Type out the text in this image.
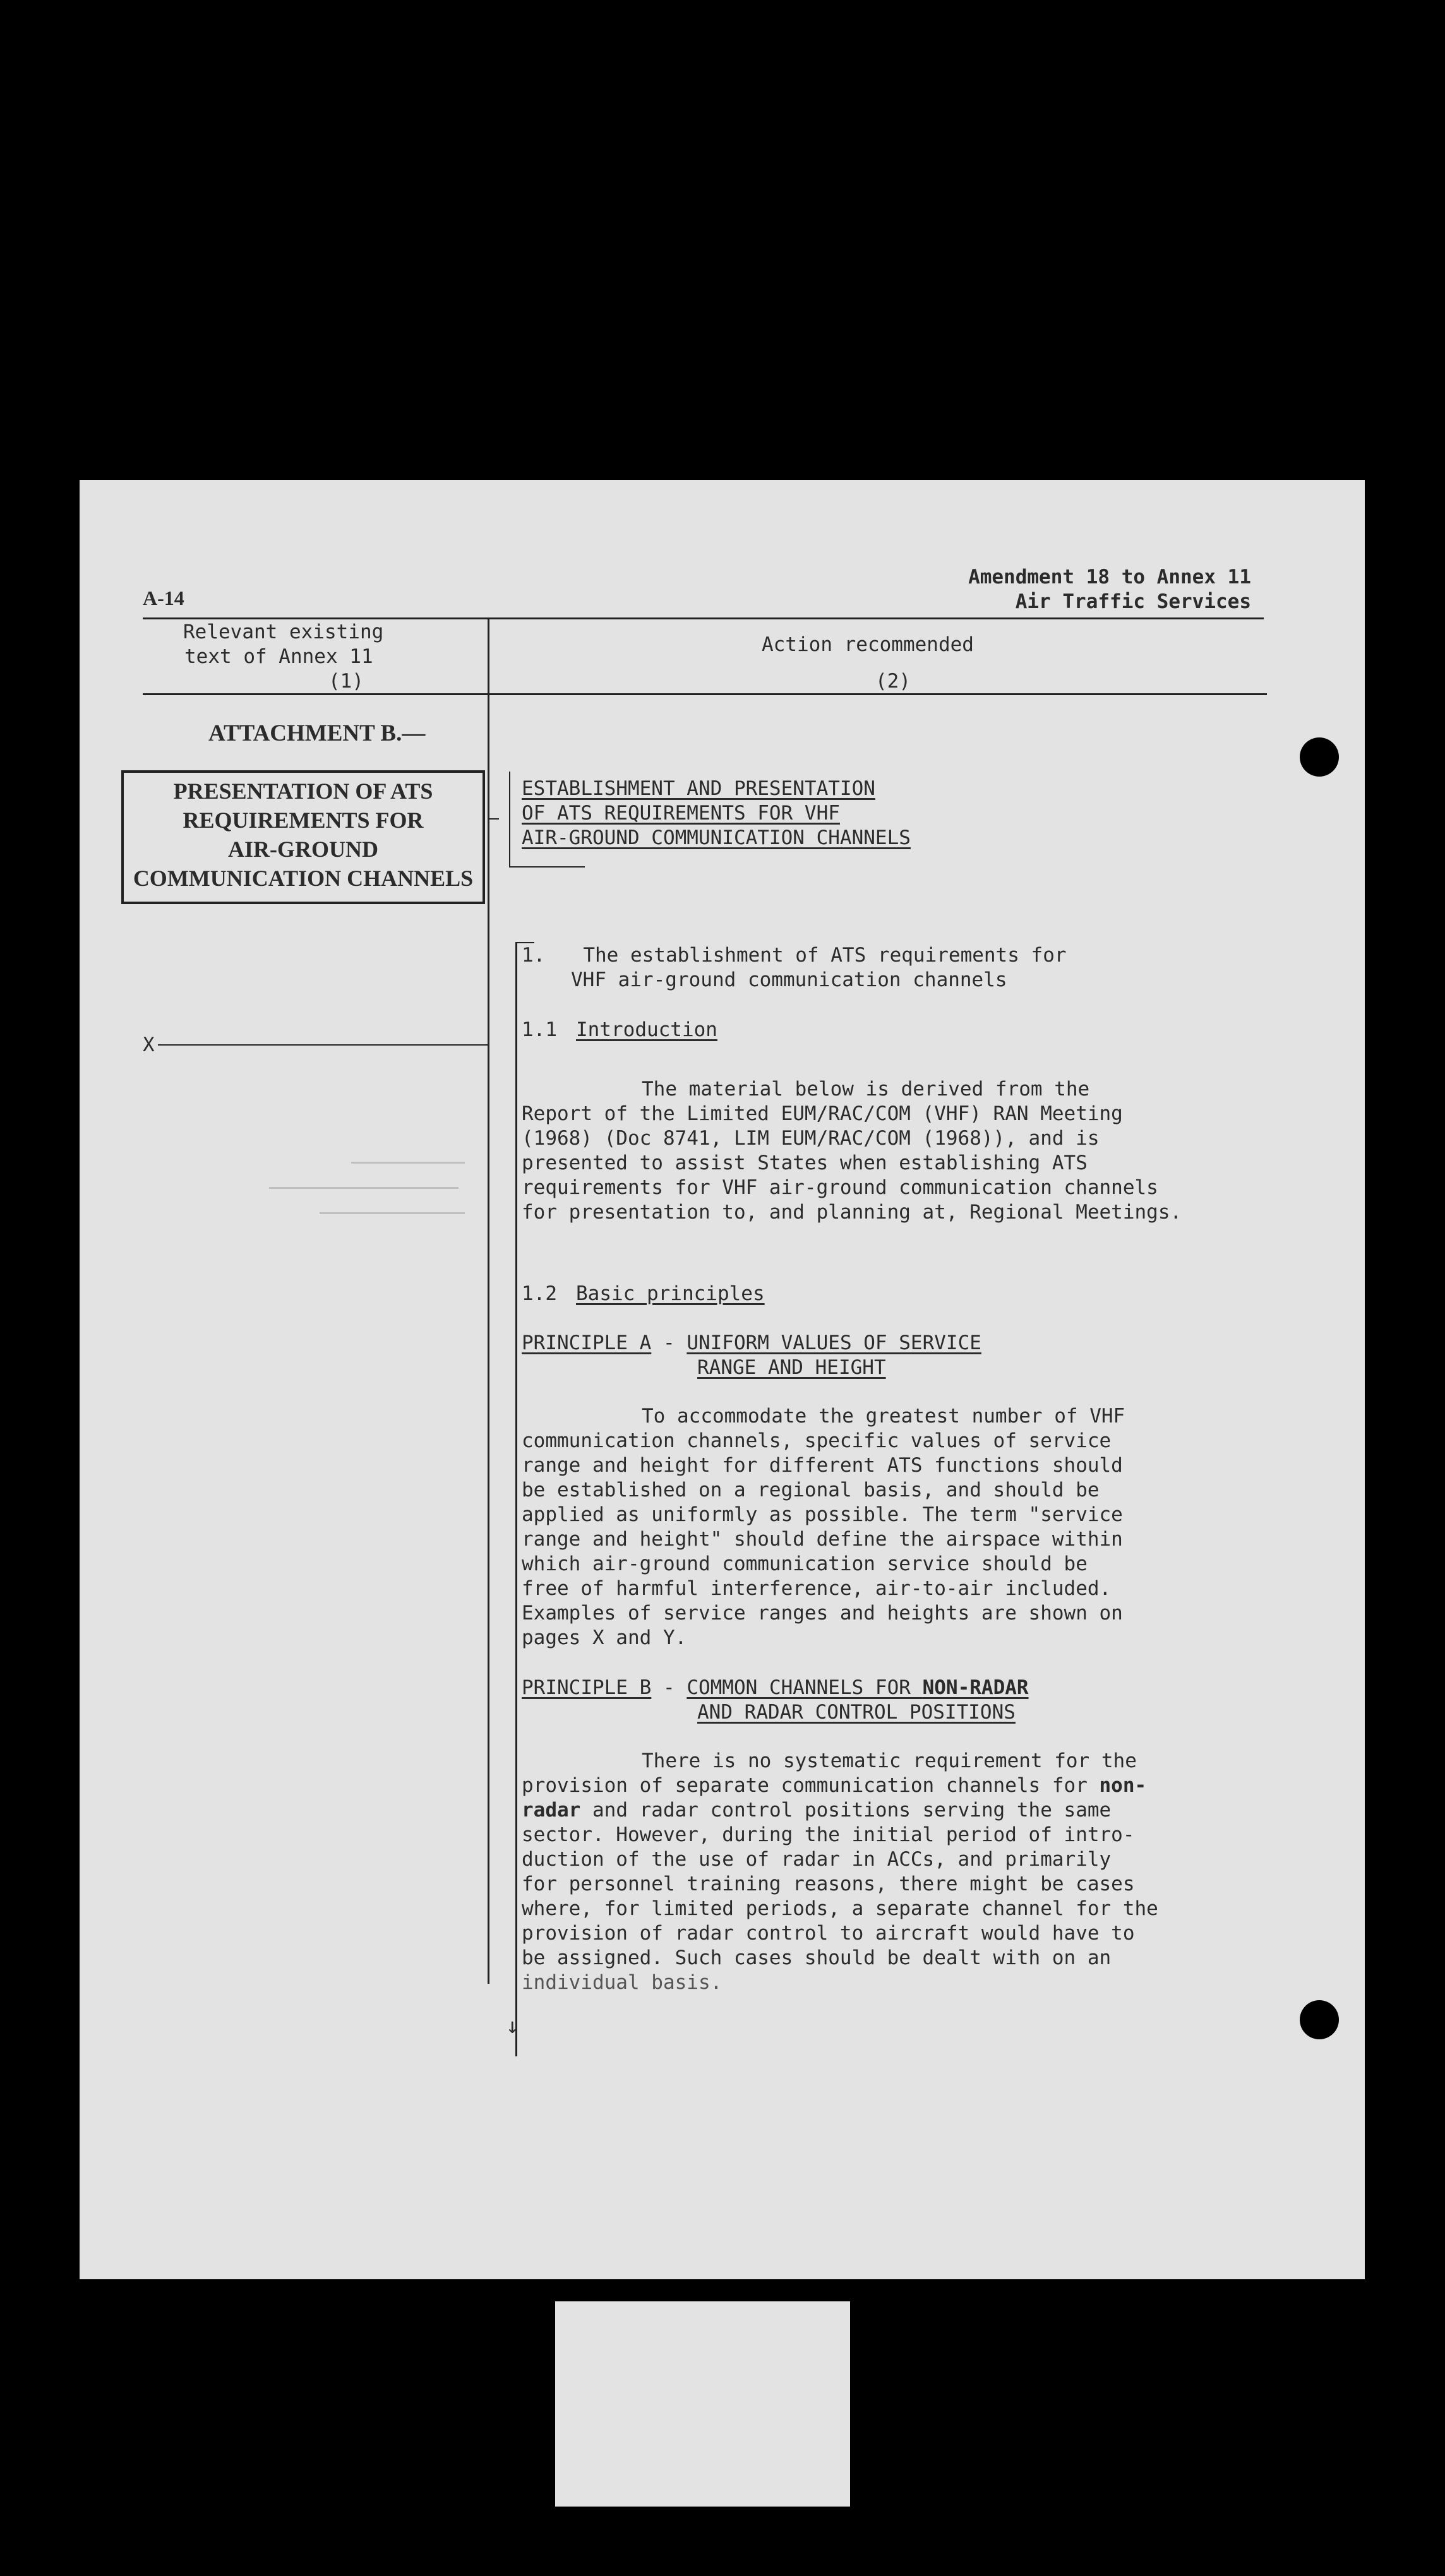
A-14
Amendment 18 to Annex 11
Air Traffic Services
Relevant existing
text of Annex 11
(1)
Action recommended
(2)
ATTACHMENT B.—
PRESENTATION OF ATS
REQUIREMENTS FOR
AIR-GROUND
COMMUNICATION CHANNELS
X
↓
ESTABLISHMENT AND PRESENTATION
OF ATS REQUIREMENTS FOR VHF
AIR-GROUND COMMUNICATION CHANNELS
1. The establishment of ATS requirements for
VHF air-ground communication channels
1.1 Introduction

The material below is derived from the

Report of the Limited EUM/RAC/COM (VHF) RAN Meeting

(1968) (Doc 8741, LIM EUM/RAC/COM (1968)), and is

presented to assist States when establishing ATS

requirements for VHF air-ground communication channels

for presentation to, and planning at, Regional Meetings.

1.2 Basic principles
PRINCIPLE A - UNIFORM VALUES OF SERVICE
RANGE AND HEIGHT

To accommodate the greatest number of VHF

communication channels, specific values of service

range and height for different ATS functions should

be established on a regional basis, and should be

applied as uniformly as possible. The term "service

range and height" should define the airspace within

which air-ground communication service should be

free of harmful interference, air-to-air included.

Examples of service ranges and heights are shown on

pages X and Y.

PRINCIPLE B - COMMON CHANNELS FOR NON-RADAR
AND RADAR CONTROL POSITIONS

There is no systematic requirement for the

provision of separate communication channels for non-

radar and radar control positions serving the same

sector. However, during the initial period of intro-

duction of the use of radar in ACCs, and primarily

for personnel training reasons, there might be cases

where, for limited periods, a separate channel for the

provision of radar control to aircraft would have to

be assigned. Such cases should be dealt with on an

individual basis.
